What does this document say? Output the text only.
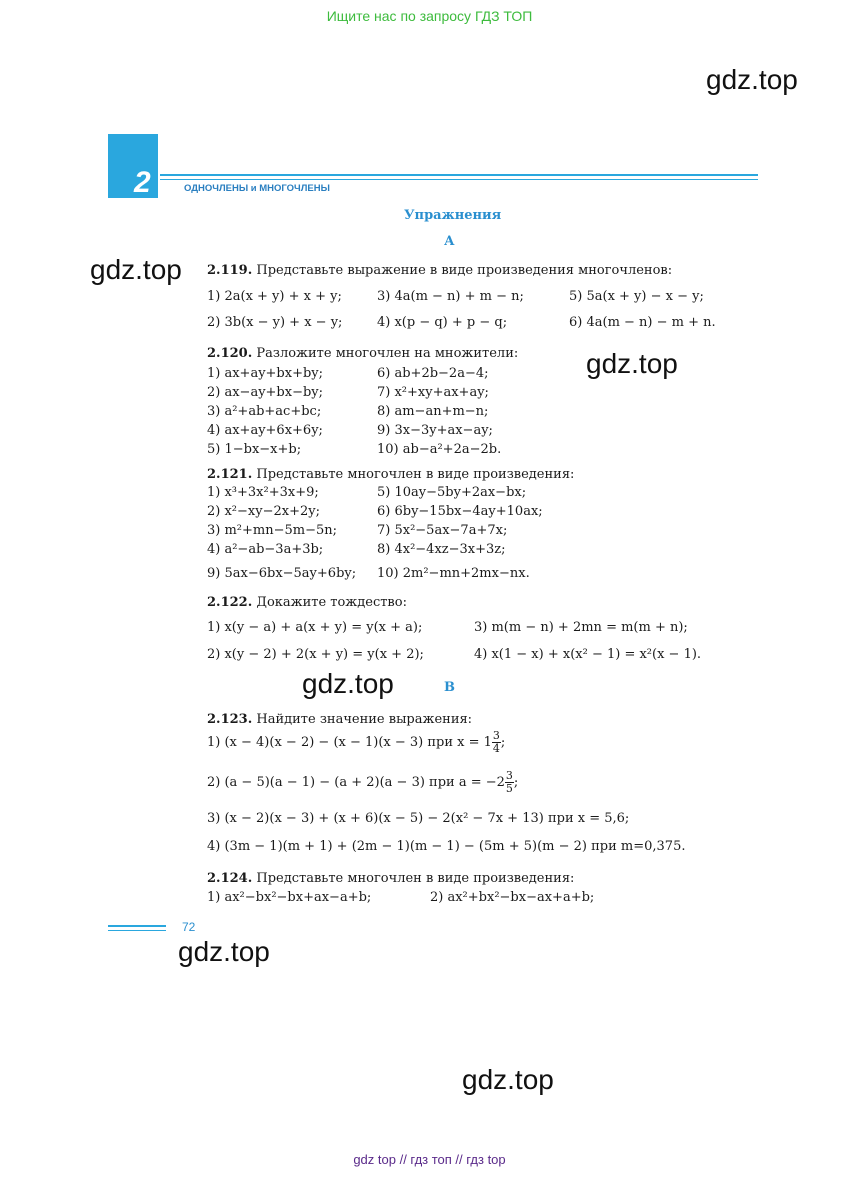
Ищите нас по запросу ГДЗ ТОП
gdz.top
gdz.top
gdz.top
gdz.top
gdz.top
gdz.top
2	ОДНОЧЛЕНЫ и МНОГОЧЛЕНЫ
Упражнения
А
2.119. Представьте выражение в виде произведения многочленов:
1) 2a(x + y) + x + y;	3) 4a(m − n) + m − n;	5) 5a(x + y) − x − y;
2) 3b(x − y) + x − y;	4) x(p − q) + p − q;	6) 4a(m − n) − m + n.
2.120. Разложите многочлен на множители:
1) ax+ay+bx+by;	6) ab+2b−2a−4;
2) ax−ay+bx−by;	7) x²+xy+ax+ay;
3) a²+ab+ac+bc;	8) am−an+m−n;
4) ax+ay+6x+6y;	9) 3x−3y+ax−ay;
5) 1−bx−x+b;	10) ab−a²+2a−2b.
2.121. Представьте многочлен в виде произведения:
1) x³+3x²+3x+9;	5) 10ay−5by+2ax−bx;
2) x²−xy−2x+2y;	6) 6by−15bx−4ay+10ax;
3) m²+mn−5m−5n;	7) 5x²−5ax−7a+7x;
4) a²−ab−3a+3b;	8) 4x²−4xz−3x+3z;
9) 5ax−6bx−5ay+6by; 10) 2m²−mn+2mx−nx.
2.122. Докажите тождество:
1) x(y − a) + a(x + y) = y(x + a);	3) m(m − n) + 2mn = m(m + n);
2) x(y − 2) + 2(x + y) = y(x + 2);	4) x(1 − x) + x(x² − 1) = x²(x − 1).
В
2.123. Найдите значение выражения:
1) (x − 4)(x − 2) − (x − 1)(x − 3) при $x = 1 \frac{3}{4}$ ;
2) (a − 5)(a − 1) − (a + 2)(a − 3) при $a = -2 \frac{3}{5}$ ;
3) (x − 2)(x − 3) + (x + 6)(x − 5) − 2(x² − 7x + 13) при x = 5,6;
4) (3m − 1)(m + 1) + (2m − 1)(m − 1) − (5m + 5)(m − 2) при m=0,375.
2.124. Представьте многочлен в виде произведения:
1) ax²−bx²−bx+ax−a+b;	2) ax²+bx²−bx−ax+a+b;
72
gdz top // гдз топ // гдз top
